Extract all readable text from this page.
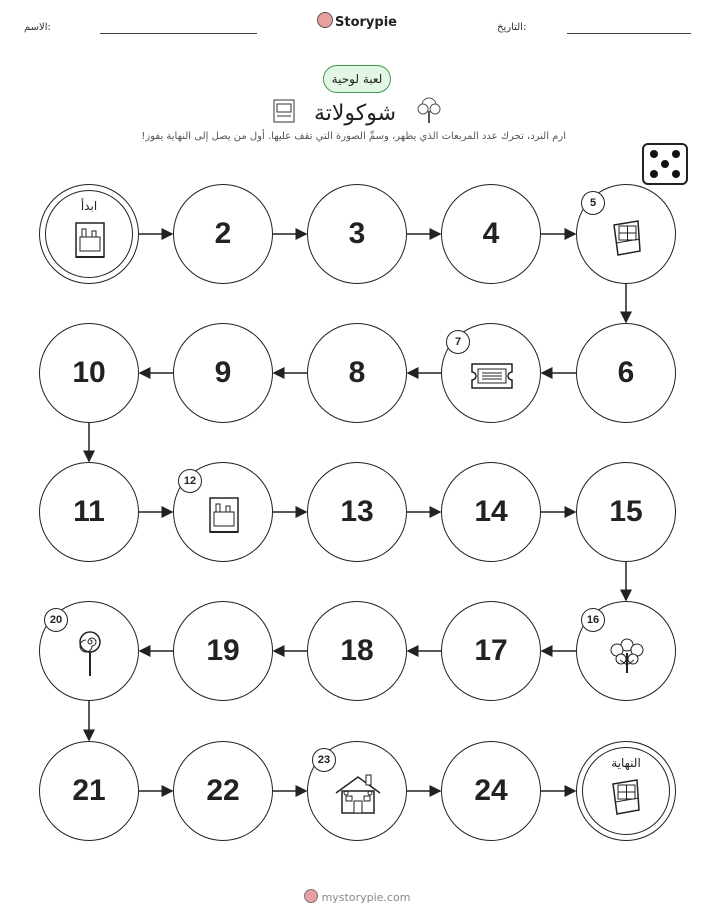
الاسم:	Storypie	التاريخ:
لعبة لوحية
شوكولاتة
ارم النرد، تحرك عدد المربعات الذي يظهر، وسمِّ الصورة التي تقف عليها. أول من يصل إلى النهاية يفوز!
ابدأ
2	3	4
5
6
7
8
9
10
11
12
13	14	15
16
17
18
19
20
21	22
23
24
النهاية
mystorypie.com
